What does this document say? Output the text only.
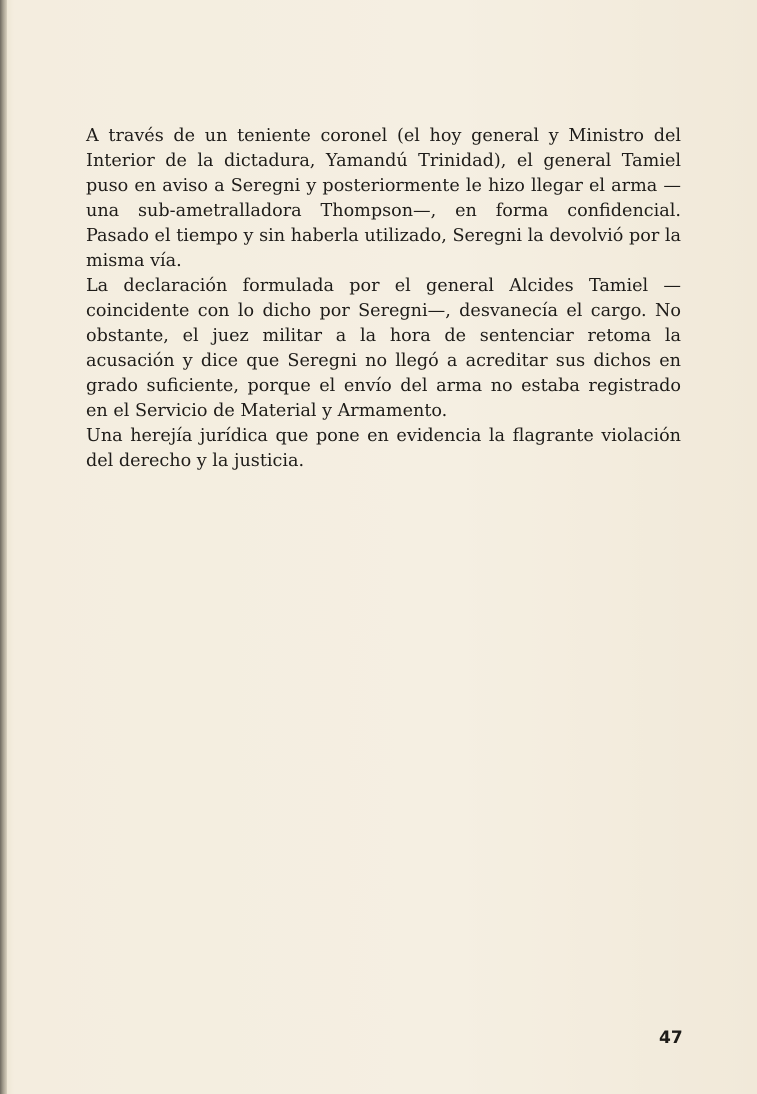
A través de un teniente coronel (el hoy general y Ministro del Interior de la dictadura, Yamandú Trinidad), el general Tamiel puso en aviso a Seregni y posteriormente le hizo llegar el arma —una sub-ametralladora Thompson—, en forma confidencial. Pasado el tiempo y sin haberla utilizado, Seregni la devolvió por la misma vía.

La declaración formulada por el general Alcides Tamiel —coincidente con lo dicho por Seregni—, desvanecía el cargo. No obstante, el juez militar a la hora de sentenciar retoma la acusación y dice que Seregni no llegó a acreditar sus dichos en grado suficiente, porque el envío del arma no estaba registrado en el Servicio de Material y Armamento.

Una herejía jurídica que pone en evidencia la flagrante violación del derecho y la justicia.

47
